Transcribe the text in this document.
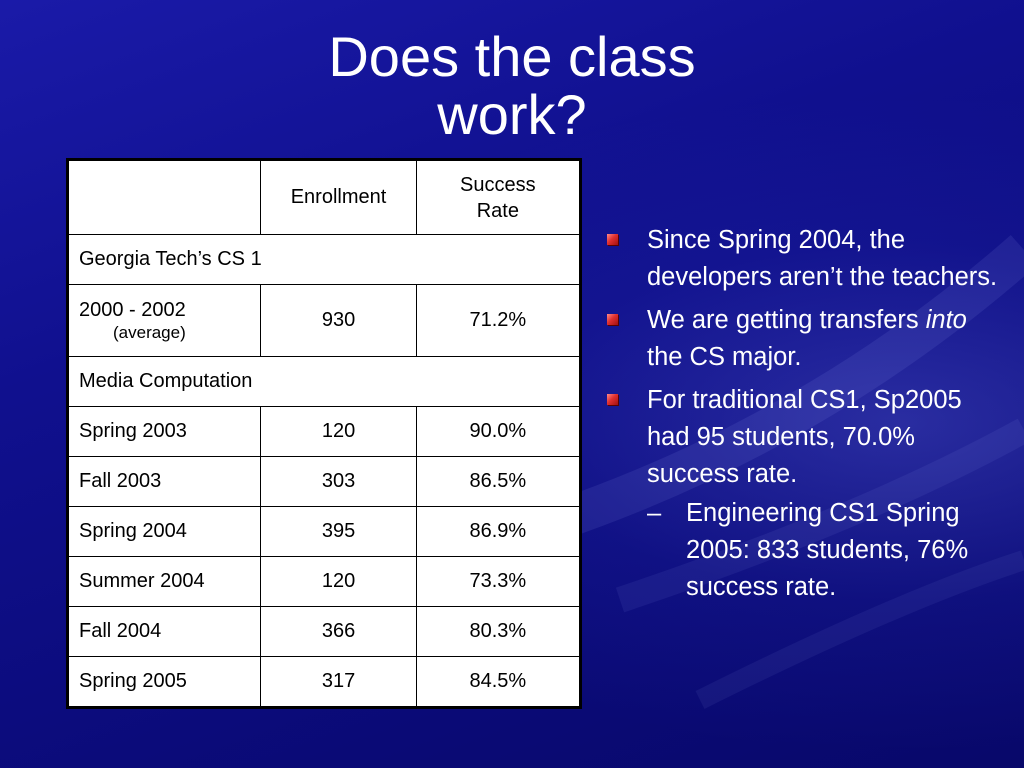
Does the class
work?
	Enrollment	Success
Rate
Georgia Tech’s CS 1		

2000 - 2002
(average)	930	71.2%
Media Computation		
Spring 2003	120	90.0%
Fall 2003	303	86.5%
Spring 2004	395	86.9%
Summer 2004	120	73.3%
Fall 2004	366	80.3%
Spring 2005	317	84.5%
Since Spring 2004, the developers aren’t the teachers.
We are getting transfers into the CS major.
For traditional CS1, Sp2005 had 95 students, 70.0% success rate.
– Engineering CS1 Spring 2005: 833 students, 76% success rate.
